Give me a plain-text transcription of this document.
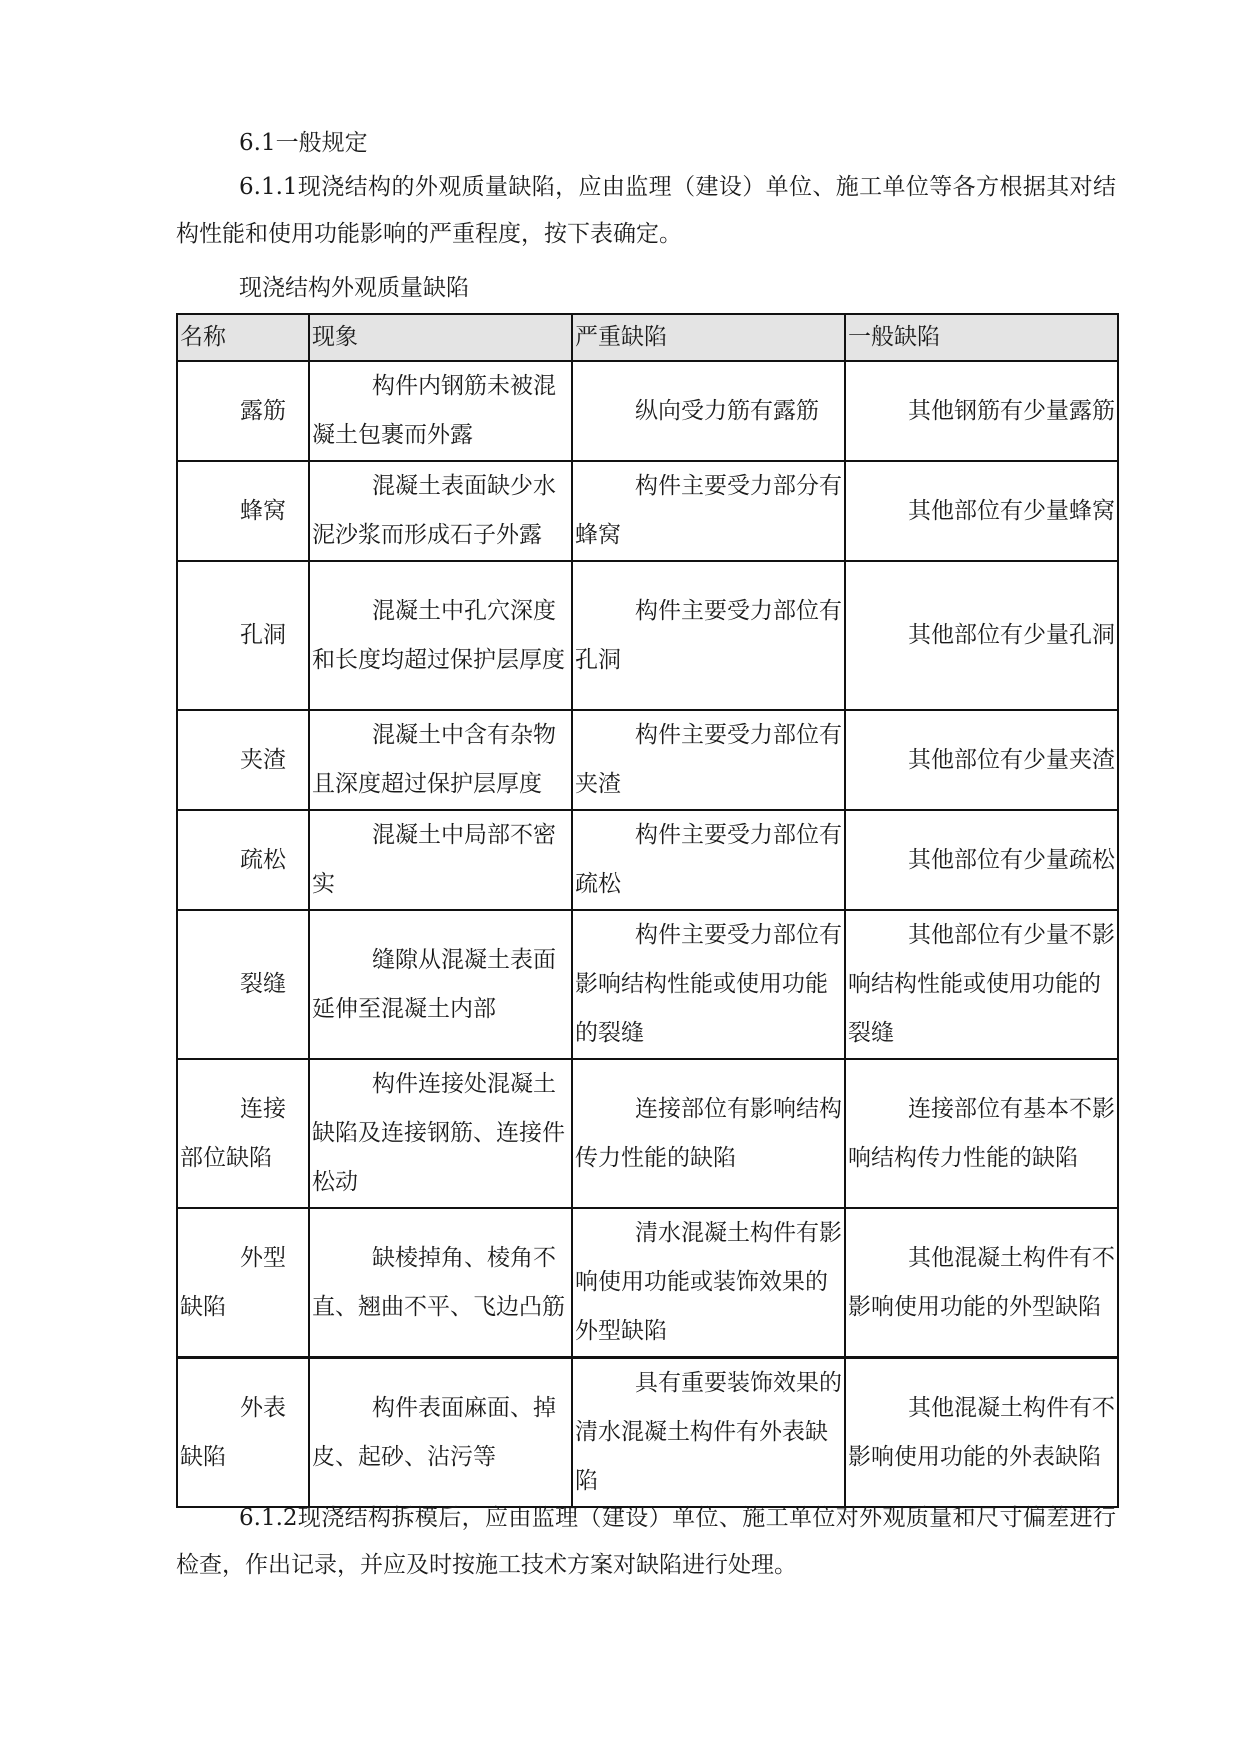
6.1一般规定

6.1.1现浇结构的外观质量缺陷，应由监理（建设）单位、施工单位等各方根据其对结构性能和使用功能影响的严重程度，按下表确定。

现浇结构外观质量缺陷

名称	现象	严重缺陷	一般缺陷
露筋	构件内钢筋未被混凝土包裹而外露	纵向受力筋有露筋	其他钢筋有少量露筋

蜂窝	混凝土表面缺少水泥沙浆而形成石子外露	构件主要受力部分有蜂窝	其他部位有少量蜂窝

孔洞	混凝土中孔穴深度和长度均超过保护层厚度	构件主要受力部位有孔洞	其他部位有少量孔洞

夹渣	混凝土中含有杂物且深度超过保护层厚度	构件主要受力部位有夹渣	其他部位有少量夹渣

疏松	混凝土中局部不密实	构件主要受力部位有疏松	其他部位有少量疏松

裂缝	缝隙从混凝土表面延伸至混凝土内部	构件主要受力部位有影响结构性能或使用功能的裂缝	其他部位有少量不影响结构性能或使用功能的裂缝

连接部位缺陷	构件连接处混凝土缺陷及连接钢筋、连接件松动	连接部位有影响结构传力性能的缺陷	连接部位有基本不影响结构传力性能的缺陷

外型缺陷	缺棱掉角、棱角不直、翘曲不平、飞边凸筋	清水混凝土构件有影响使用功能或装饰效果的外型缺陷	其他混凝土构件有不影响使用功能的外型缺陷

外表缺陷	构件表面麻面、掉皮、起砂、沾污等	具有重要装饰效果的清水混凝土构件有外表缺陷	其他混凝土构件有不影响使用功能的外表缺陷

6.1.2现浇结构拆模后，应由监理（建设）单位、施工单位对外观质量和尺寸偏差进行检查，作出记录，并应及时按施工技术方案对缺陷进行处理。
